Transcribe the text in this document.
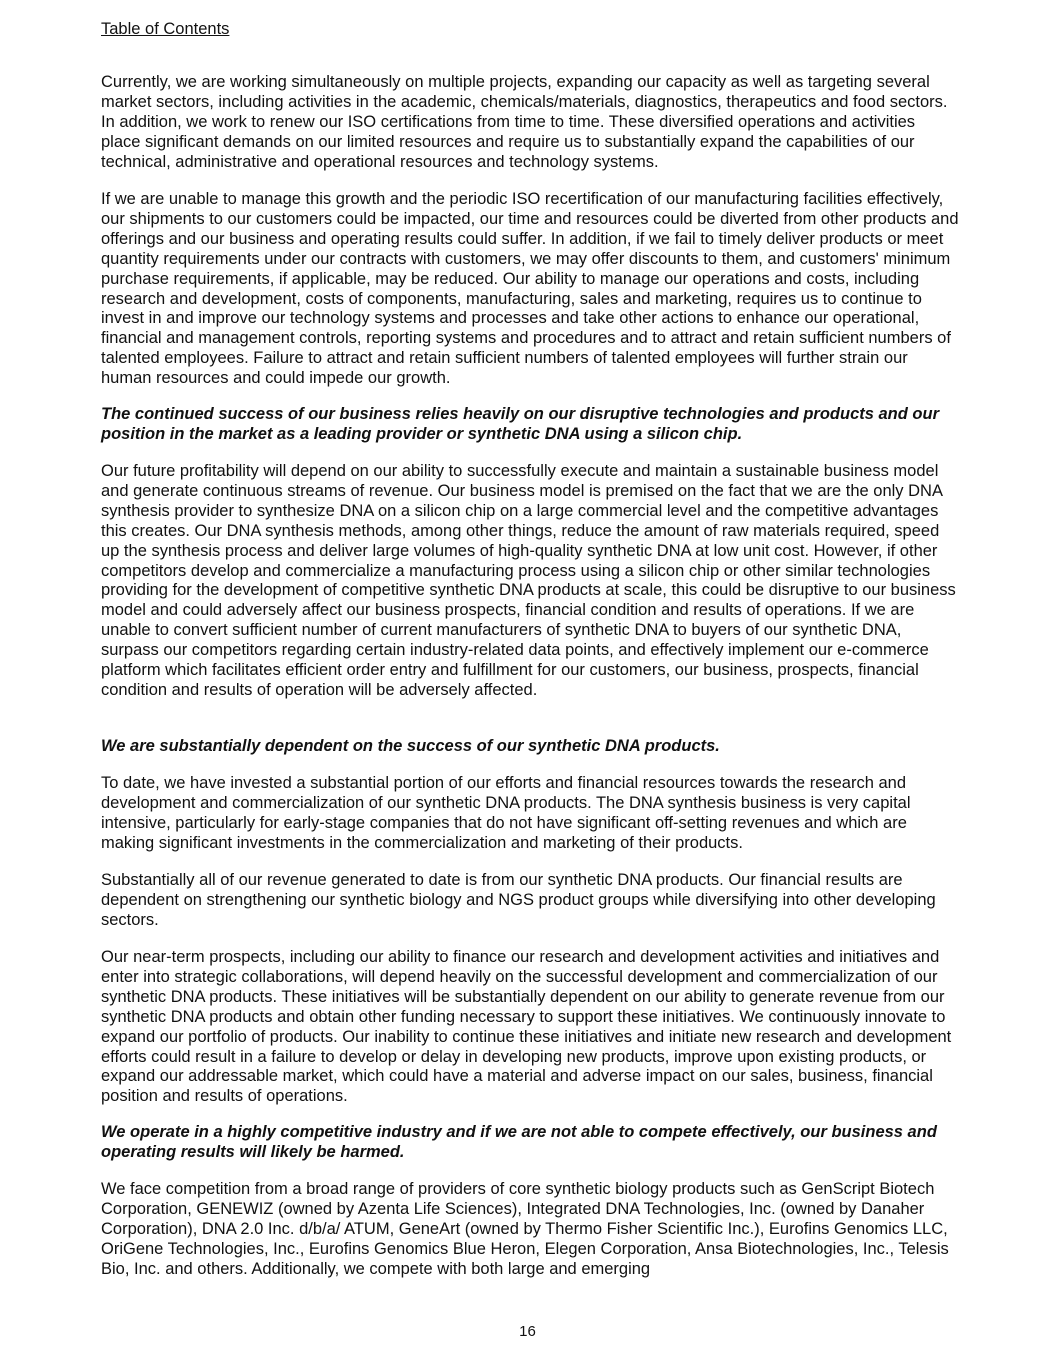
Table of Contents

Currently, we are working simultaneously on multiple projects, expanding our capacity as well as targeting several market sectors, including activities in the academic, chemicals/materials, diagnostics, therapeutics and food sectors. In addition, we work to renew our ISO certifications from time to time. These diversified operations and activities place significant demands on our limited resources and require us to substantially expand the capabilities of our technical, administrative and operational resources and technology systems.

If we are unable to manage this growth and the periodic ISO recertification of our manufacturing facilities effectively, our shipments to our customers could be impacted, our time and resources could be diverted from other products and offerings and our business and operating results could suffer. In addition, if we fail to timely deliver products or meet quantity requirements under our contracts with customers, we may offer discounts to them, and customers' minimum purchase requirements, if applicable, may be reduced. Our ability to manage our operations and costs, including research and development, costs of components, manufacturing, sales and marketing, requires us to continue to invest in and improve our technology systems and processes and take other actions to enhance our operational, financial and management controls, reporting systems and procedures and to attract and retain sufficient numbers of talented employees. Failure to attract and retain sufficient numbers of talented employees will further strain our human resources and could impede our growth.

The continued success of our business relies heavily on our disruptive technologies and products and our position in the market as a leading provider or synthetic DNA using a silicon chip.

Our future profitability will depend on our ability to successfully execute and maintain a sustainable business model and generate continuous streams of revenue. Our business model is premised on the fact that we are the only DNA synthesis provider to synthesize DNA on a silicon chip on a large commercial level and the competitive advantages this creates. Our DNA synthesis methods, among other things, reduce the amount of raw materials required, speed up the synthesis process and deliver large volumes of high-quality synthetic DNA at low unit cost. However, if other competitors develop and commercialize a manufacturing process using a silicon chip or other similar technologies providing for the development of competitive synthetic DNA products at scale, this could be disruptive to our business model and could adversely affect our business prospects, financial condition and results of operations. If we are unable to convert sufficient number of current manufacturers of synthetic DNA to buyers of our synthetic DNA, surpass our competitors regarding certain industry-related data points, and effectively implement our e-commerce platform which facilitates efficient order entry and fulfillment for our customers, our business, prospects, financial condition and results of operation will be adversely affected.

We are substantially dependent on the success of our synthetic DNA products.

To date, we have invested a substantial portion of our efforts and financial resources towards the research and development and commercialization of our synthetic DNA products. The DNA synthesis business is very capital intensive, particularly for early-stage companies that do not have significant off-setting revenues and which are making significant investments in the commercialization and marketing of their products.

Substantially all of our revenue generated to date is from our synthetic DNA products. Our financial results are dependent on strengthening our synthetic biology and NGS product groups while diversifying into other developing sectors.

Our near-term prospects, including our ability to finance our research and development activities and initiatives and enter into strategic collaborations, will depend heavily on the successful development and commercialization of our synthetic DNA products. These initiatives will be substantially dependent on our ability to generate revenue from our synthetic DNA products and obtain other funding necessary to support these initiatives. We continuously innovate to expand our portfolio of products. Our inability to continue these initiatives and initiate new research and development efforts could result in a failure to develop or delay in developing new products, improve upon existing products, or expand our addressable market, which could have a material and adverse impact on our sales, business, financial position and results of operations.

We operate in a highly competitive industry and if we are not able to compete effectively, our business and operating results will likely be harmed.

We face competition from a broad range of providers of core synthetic biology products such as GenScript Biotech Corporation, GENEWIZ (owned by Azenta Life Sciences), Integrated DNA Technologies, Inc. (owned by Danaher Corporation), DNA 2.0 Inc. d/b/a/ ATUM, GeneArt (owned by Thermo Fisher Scientific Inc.), Eurofins Genomics LLC, OriGene Technologies, Inc., Eurofins Genomics Blue Heron, Elegen Corporation, Ansa Biotechnologies, Inc., Telesis Bio, Inc. and others. Additionally, we compete with both large and emerging

16
